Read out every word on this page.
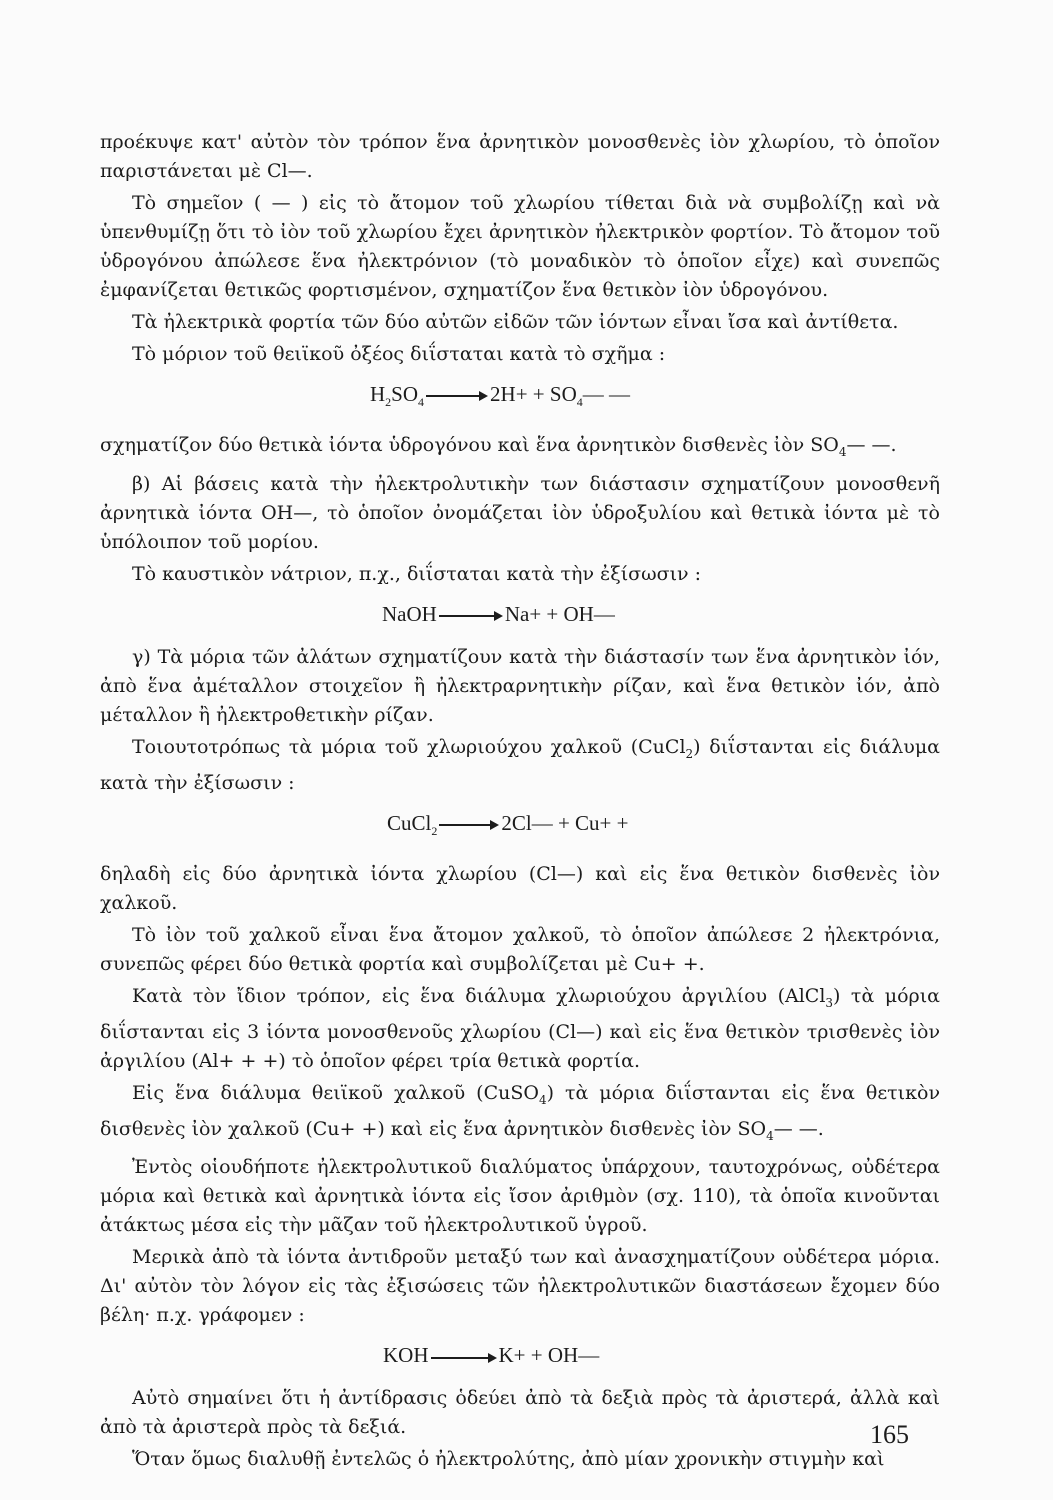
προέκυψε κατ' αὐτὸν τὸν τρόπον ἕνα ἀρνητικὸν μονοσθενὲς ἰὸν χλωρίου, τὸ ὁποῖον παριστάνεται μὲ Cl—.

Τὸ σημεῖον ( — ) εἰς τὸ ἄτομον τοῦ χλωρίου τίθεται διὰ νὰ συμβολίζῃ καὶ νὰ ὑπενθυμίζῃ ὅτι τὸ ἰὸν τοῦ χλωρίου ἔχει ἀρνητικὸν ἠλεκτρικὸν φορτίον. Τὸ ἄτομον τοῦ ὑδρογόνου ἀπώλεσε ἕνα ἠλεκτρόνιον (τὸ μοναδικὸν τὸ ὁποῖον εἶχε) καὶ συνεπῶς ἐμφανίζεται θετικῶς φορτισμένον, σχηματίζον ἕνα θετικὸν ἰὸν ὑδρογόνου.

Τὰ ἠλεκτρικὰ φορτία τῶν δύο αὐτῶν εἰδῶν τῶν ἰόντων εἶναι ἴσα καὶ ἀντίθετα.

Τὸ μόριον τοῦ θειϊκοῦ ὀξέος διΐσταται κατὰ τὸ σχῆμα :

$H_2SO_4$	$2H+ + SO_4—$ —

σχηματίζον δύο θετικὰ ἰόντα ὑδρογόνου καὶ ἕνα ἀρνητικὸν δισθενὲς ἰὸν $SO_4—$ —.

β) Αἱ βάσεις κατὰ τὴν ἠλεκτρολυτικὴν των διάστασιν σχηματίζουν μονοσθενῆ ἀρνητικὰ ἰόντα OH—, τὸ ὁποῖον ὀνομάζεται ἰὸν ὑδροξυλίου καὶ θετικὰ ἰόντα μὲ τὸ ὑπόλοιπον τοῦ μορίου.

Τὸ καυστικὸν νάτριον, π.χ., διΐσταται κατὰ τὴν ἐξίσωσιν :

NaOH	Na+ + OH—

γ) Τὰ μόρια τῶν ἀλάτων σχηματίζουν κατὰ τὴν διάστασίν των ἕνα ἀρνητικὸν ἰόν, ἀπὸ ἕνα ἀμέταλλον στοιχεῖον ἢ ἠλεκτραρνητικὴν ρίζαν, καὶ ἕνα θετικὸν ἰόν, ἀπὸ μέταλλον ἢ ἠλεκτροθετικὴν ρίζαν.

Τοιουτοτρόπως τὰ μόρια τοῦ χλωριούχου χαλκοῦ (CuCl$_2$) διΐστανται εἰς διάλυμα κατὰ τὴν ἐξίσωσιν :

CuCl$_2$	2Cl— + Cu+ +

δηλαδὴ εἰς δύο ἀρνητικὰ ἰόντα χλωρίου (Cl—) καὶ εἰς ἕνα θετικὸν δισθενὲς ἰὸν χαλκοῦ.

Τὸ ἰὸν τοῦ χαλκοῦ εἶναι ἕνα ἄτομον χαλκοῦ, τὸ ὁποῖον ἀπώλεσε 2 ἠλεκτρόνια, συνεπῶς φέρει δύο θετικὰ φορτία καὶ συμβολίζεται μὲ Cu+ +.

Κατὰ τὸν ἴδιον τρόπον, εἰς ἕνα διάλυμα χλωριούχου ἀργιλίου (AlCl$_3$) τὰ μόρια διΐστανται εἰς 3 ἰόντα μονοσθενοῦς χλωρίου (Cl—) καὶ εἰς ἕνα θετικὸν τρισθενὲς ἰὸν ἀργιλίου (Al+ + +) τὸ ὁποῖον φέρει τρία θετικὰ φορτία.

Εἰς ἕνα διάλυμα θειϊκοῦ χαλκοῦ (CuSO$_4$) τὰ μόρια διΐστανται εἰς ἕνα θετικὸν δισθενὲς ἰὸν χαλκοῦ (Cu+ +) καὶ εἰς ἕνα ἀρνητικὸν δισθενὲς ἰὸν $SO_4—$ —.

Ἐντὸς οἱουδήποτε ἠλεκτρολυτικοῦ διαλύματος ὑπάρχουν, ταυτοχρόνως, οὐδέτερα μόρια καὶ θετικὰ καὶ ἀρνητικὰ ἰόντα εἰς ἴσον ἀριθμὸν (σχ. 110), τὰ ὁποῖα κινοῦνται ἀτάκτως μέσα εἰς τὴν μᾶζαν τοῦ ἠλεκτρολυτικοῦ ὑγροῦ.

Μερικὰ ἀπὸ τὰ ἰόντα ἀντιδροῦν μεταξύ των καὶ ἀνασχηματίζουν οὐδέτερα μόρια. Δι' αὐτὸν τὸν λόγον εἰς τὰς ἐξισώσεις τῶν ἠλεκτρολυτικῶν διαστάσεων ἔχομεν δύο βέλη· π.χ. γράφομεν :

KOH	K+ + OH—

Αὐτὸ σημαίνει ὅτι ἡ ἀντίδρασις ὁδεύει ἀπὸ τὰ δεξιὰ πρὸς τὰ ἀριστερά, ἀλλὰ καὶ ἀπὸ τὰ ἀριστερὰ πρὸς τὰ δεξιά.

Ὅταν ὅμως διαλυθῇ ἐντελῶς ὁ ἠλεκτρολύτης, ἀπὸ μίαν χρονικὴν στιγμὴν καὶ

165
